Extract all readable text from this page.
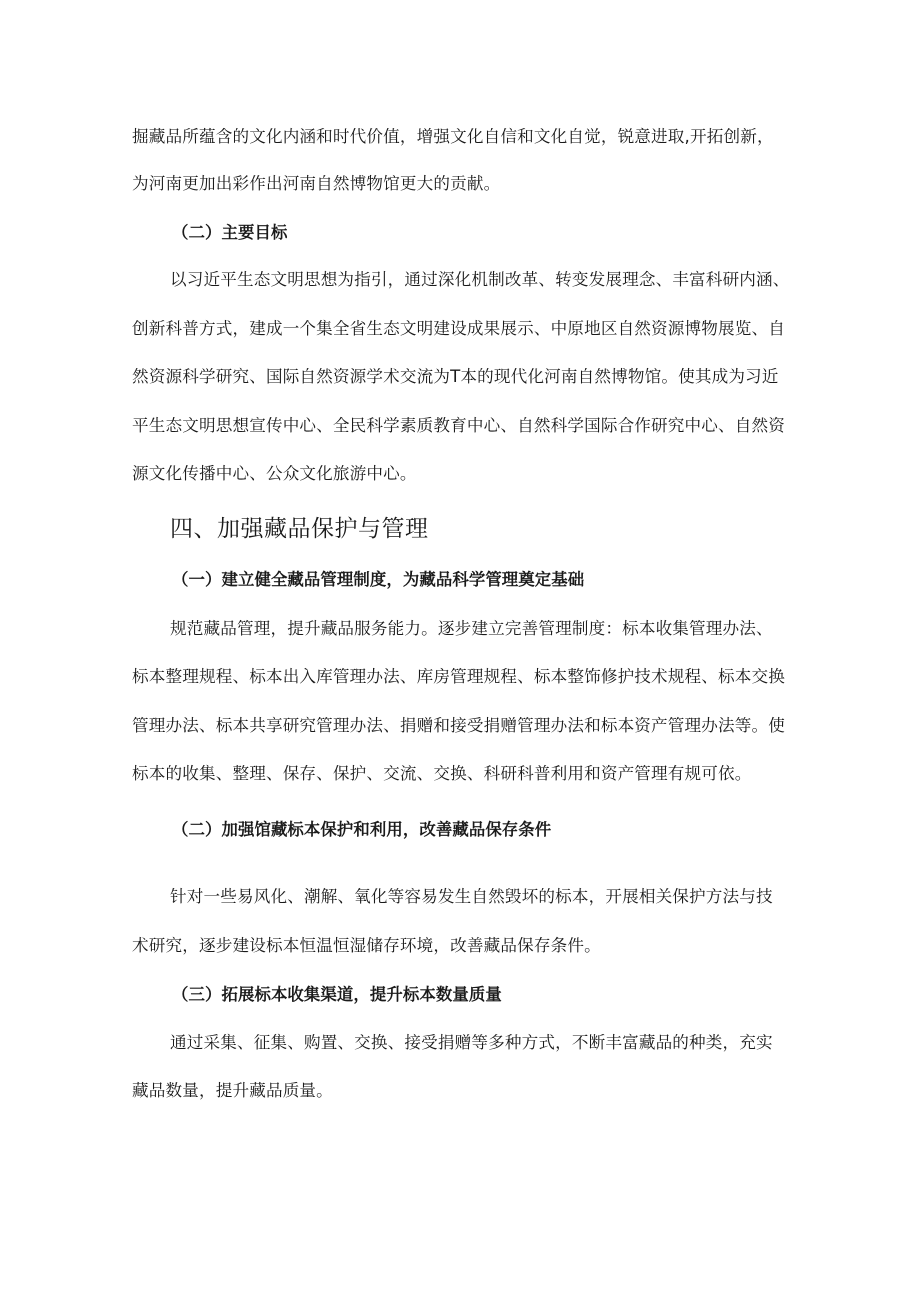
掘藏品所蕴含的文化内涵和时代价值，增强文化自信和文化自觉，锐意进取,开拓创新，
为河南更加出彩作出河南自然博物馆更大的贡献。
（二）主要目标
以习近平生态文明思想为指引，通过深化机制改革、转变发展理念、丰富科研内涵、
创新科普方式，建成一个集全省生态文明建设成果展示、中原地区自然资源博物展览、自
然资源科学研究、国际自然资源学术交流为T本的现代化河南自然博物馆。使其成为习近
平生态文明思想宣传中心、全民科学素质教育中心、自然科学国际合作研究中心、自然资
源文化传播中心、公众文化旅游中心。
四、加强藏品保护与管理
（一）建立健全藏品管理制度，为藏品科学管理奠定基础
规范藏品管理，提升藏品服务能力。逐步建立完善管理制度：标本收集管理办法、
标本整理规程、标本出入库管理办法、库房管理规程、标本整饰修护技术规程、标本交换
管理办法、标本共享研究管理办法、捐赠和接受捐赠管理办法和标本资产管理办法等。使
标本的收集、整理、保存、保护、交流、交换、科研科普利用和资产管理有规可依。
（二）加强馆藏标本保护和利用，改善藏品保存条件
针对一些易风化、潮解、氧化等容易发生自然毁坏的标本，开展相关保护方法与技
术研究，逐步建设标本恒温恒湿储存环境，改善藏品保存条件。
（三）拓展标本收集渠道，提升标本数量质量
通过采集、征集、购置、交换、接受捐赠等多种方式，不断丰富藏品的种类，充实
藏品数量，提升藏品质量。
